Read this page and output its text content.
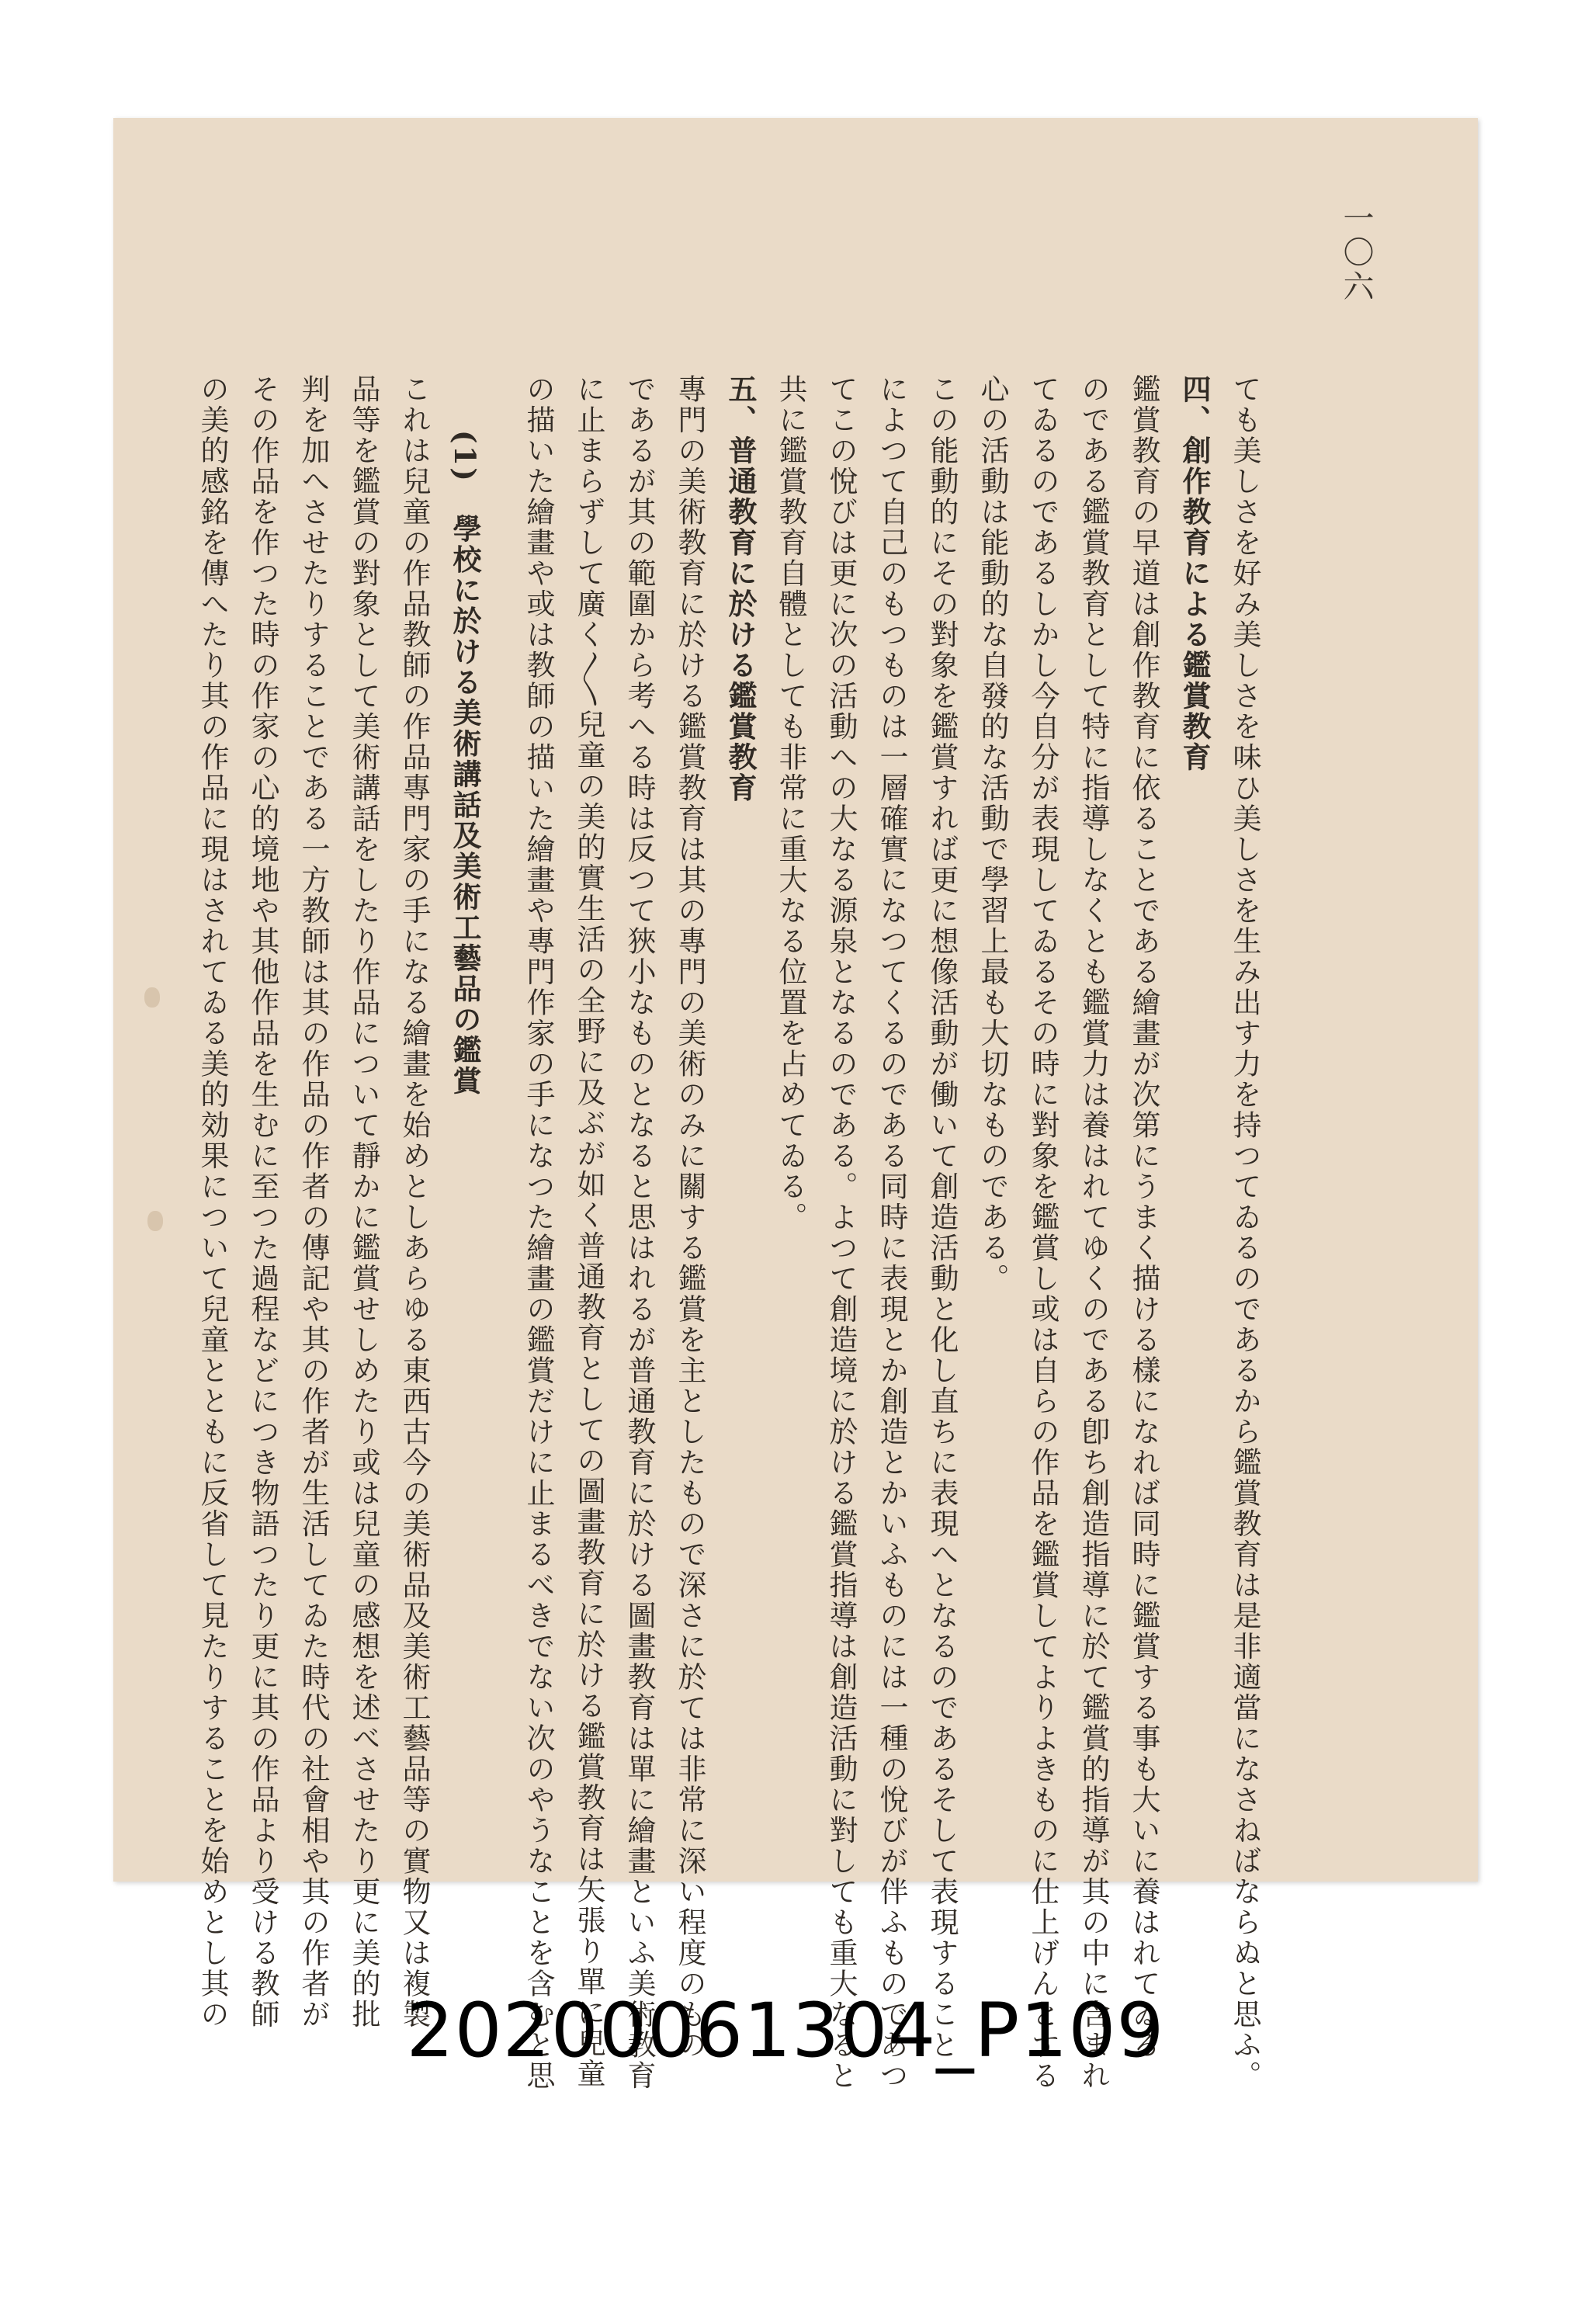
一〇六
ても美しさを好み美しさを味ひ美しさを生み出す力を持つてゐるのであるから鑑賞教育は是非適當になさねばならぬと思ふ。
四、創作教育による鑑賞教育
鑑賞教育の早道は創作教育に依ることである繪畫が次第にうまく描ける樣になれば同時に鑑賞する事も大いに養はれてゐる
のである鑑賞教育として特に指導しなくとも鑑賞力は養はれてゆくのである卽ち創造指導に於て鑑賞的指導が其の中に含まれ
てゐるのであるしかし今自分が表現してゐるその時に對象を鑑賞し或は自らの作品を鑑賞してよりよきものに仕上げんとする
心の活動は能動的な自發的な活動で學習上最も大切なものである。
この能動的にその對象を鑑賞すれば更に想像活動が働いて創造活動と化し直ちに表現へとなるのであるそして表現すること
によつて自己のもつものは一層確實になつてくるのである同時に表現とか創造とかいふものには一種の悅びが伴ふものであつ
てこの悅びは更に次の活動への大なる源泉となるのである。よつて創造境に於ける鑑賞指導は創造活動に對しても重大なると
共に鑑賞教育自體としても非常に重大なる位置を占めてゐる。
五、普通教育に於ける鑑賞教育
專門の美術教育に於ける鑑賞教育は其の專門の美術のみに關する鑑賞を主としたもので深さに於ては非常に深い程度のもの
であるが其の範圍から考へる時は反つて狹小なものとなると思はれるが普通教育に於ける圖畫教育は單に繪畫といふ美術教育
に止まらずして廣く〳〵兒童の美的實生活の全野に及ぶが如く普通教育としての圖畫教育に於ける鑑賞教育は矢張り單に兒童
の描いた繪畫や或は教師の描いた繪畫や專門作家の手になつた繪畫の鑑賞だけに止まるべきでない次のやうなことを含むと思
(1)　學校に於ける美術講話及美術工藝品の鑑賞
これは兒童の作品教師の作品專門家の手になる繪畫を始めとしあらゆる東西古今の美術品及美術工藝品等の實物又は複製
品等を鑑賞の對象として美術講話をしたり作品について靜かに鑑賞せしめたり或は兒童の感想を述べさせたり更に美的批
判を加へさせたりすることである一方教師は其の作品の作者の傳記や其の作者が生活してゐた時代の社會相や其の作者が
その作品を作つた時の作家の心的境地や其他作品を生むに至つた過程などにつき物語つたり更に其の作品より受ける教師
の美的感銘を傳へたり其の作品に現はされてゐる美的効果について兒童とともに反省して見たりすることを始めとし其の
20200061304_P109
